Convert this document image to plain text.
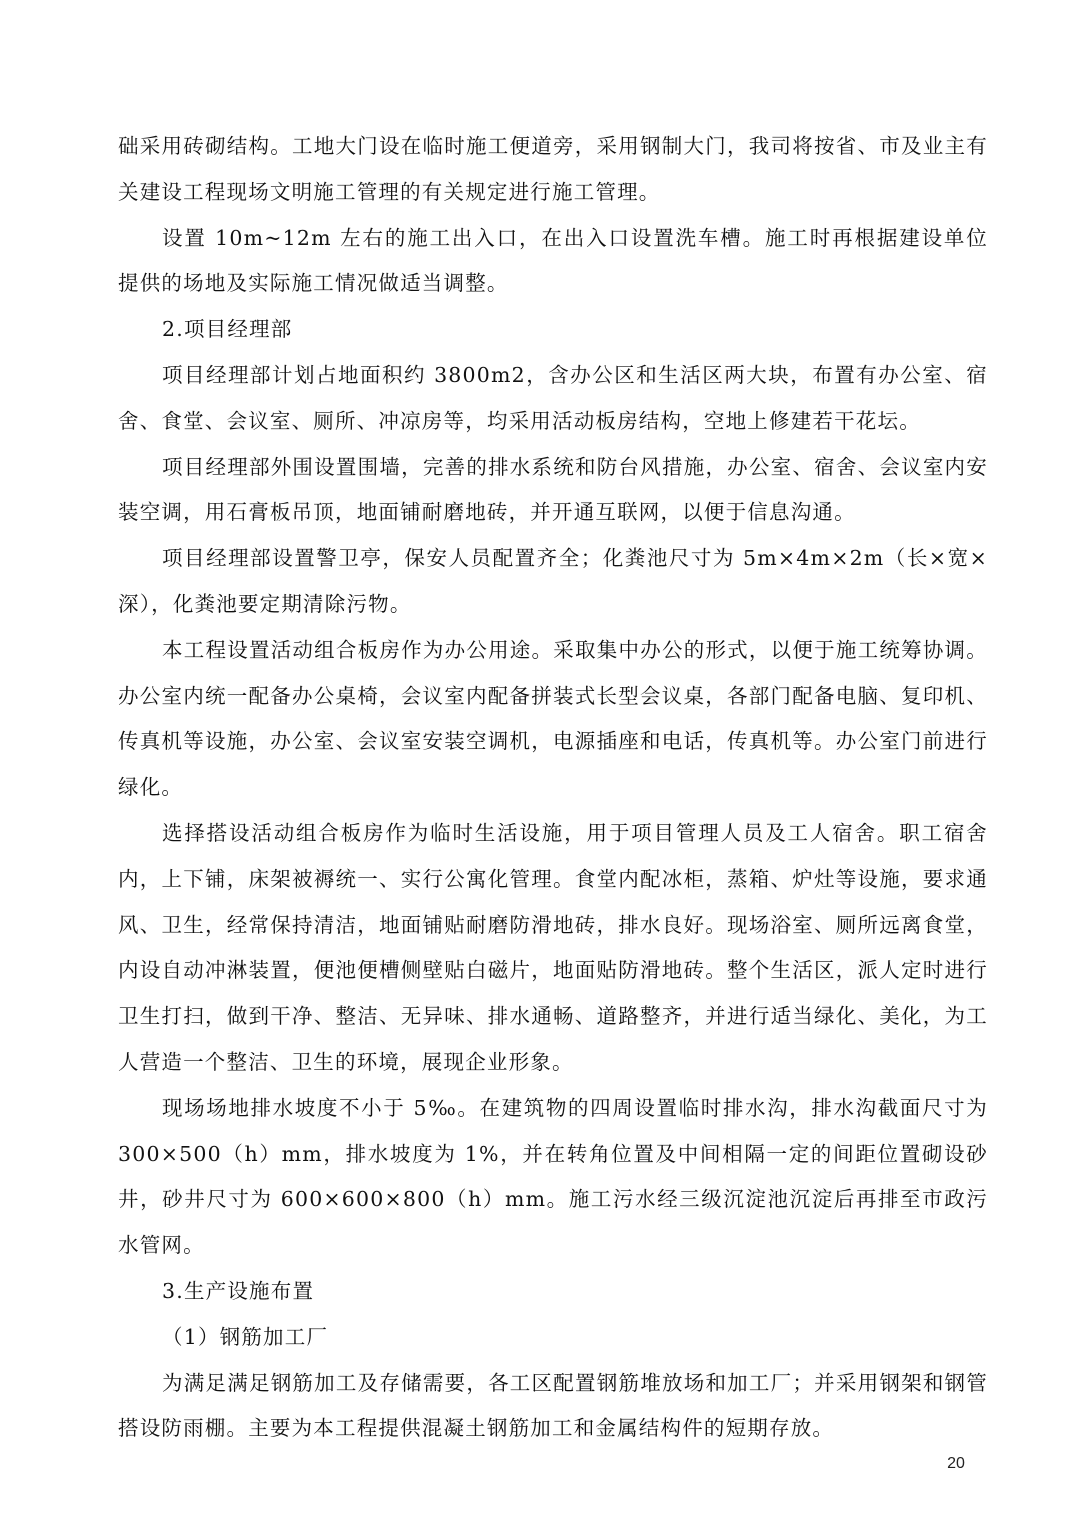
础采用砖砌结构。工地大门设在临时施工便道旁，采用钢制大门，我司将按省、市及业主有关建设工程现场文明施工管理的有关规定进行施工管理。

设置 10m~12m 左右的施工出入口，在出入口设置洗车槽。施工时再根据建设单位提供的场地及实际施工情况做适当调整。

2.项目经理部

项目经理部计划占地面积约 3800m2，含办公区和生活区两大块，布置有办公室、宿舍、食堂、会议室、厕所、冲凉房等，均采用活动板房结构，空地上修建若干花坛。

项目经理部外围设置围墙，完善的排水系统和防台风措施，办公室、宿舍、会议室内安装空调，用石膏板吊顶，地面铺耐磨地砖，并开通互联网，以便于信息沟通。

项目经理部设置警卫亭，保安人员配置齐全；化粪池尺寸为 5m×4m×2m（长×宽×深），化粪池要定期清除污物。

本工程设置活动组合板房作为办公用途。采取集中办公的形式，以便于施工统筹协调。办公室内统一配备办公桌椅，会议室内配备拼装式长型会议桌，各部门配备电脑、复印机、传真机等设施，办公室、会议室安装空调机，电源插座和电话，传真机等。办公室门前进行绿化。

选择搭设活动组合板房作为临时生活设施，用于项目管理人员及工人宿舍。职工宿舍内，上下铺，床架被褥统一、实行公寓化管理。食堂内配冰柜，蒸箱、炉灶等设施，要求通风、卫生，经常保持清洁，地面铺贴耐磨防滑地砖，排水良好。现场浴室、厕所远离食堂，内设自动冲淋装置，便池便槽侧壁贴白磁片，地面贴防滑地砖。整个生活区，派人定时进行卫生打扫，做到干净、整洁、无异味、排水通畅、道路整齐，并进行适当绿化、美化，为工人营造一个整洁、卫生的环境，展现企业形象。

现场场地排水坡度不小于 5‰。在建筑物的四周设置临时排水沟，排水沟截面尺寸为 300×500（h）mm，排水坡度为 1%，并在转角位置及中间相隔一定的间距位置砌设砂井，砂井尺寸为 600×600×800（h）mm。施工污水经三级沉淀池沉淀后再排至市政污水管网。

3.生产设施布置

（1）钢筋加工厂

为满足满足钢筋加工及存储需要，各工区配置钢筋堆放场和加工厂；并采用钢架和钢管搭设防雨棚。主要为本工程提供混凝土钢筋加工和金属结构件的短期存放。

20
